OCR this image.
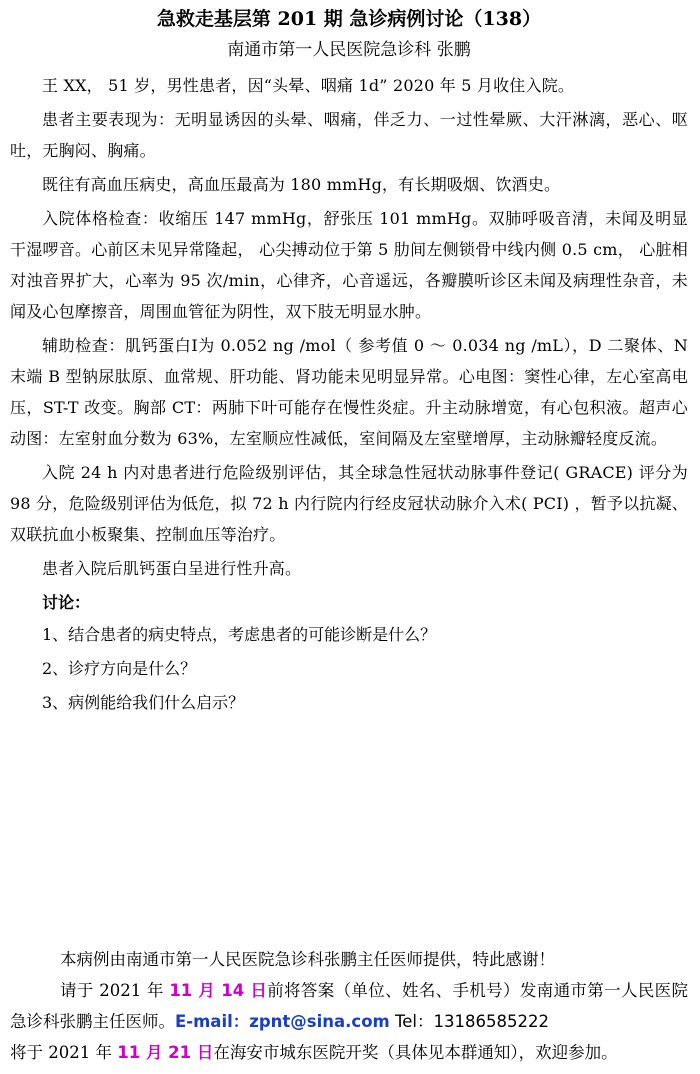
急救走基层第 201 期 急诊病例讨论（138）
南通市第一人民医院急诊科 张鹏

王 XX， 51 岁，男性患者，因“头晕、咽痛 1d” 2020 年 5 月收住入院。

患者主要表现为：无明显诱因的头晕、咽痛，伴乏力、一过性晕厥、大汗淋漓，恶心、呕吐，无胸闷、胸痛。

既往有高血压病史，高血压最高为 180 mmHg，有长期吸烟、饮酒史。

入院体格检查：收缩压 147 mmHg，舒张压 101 mmHg。双肺呼吸音清，未闻及明显干湿啰音。心前区未见异常隆起， 心尖搏动位于第 5 肋间左侧锁骨中线内侧 0.5 cm， 心脏相对浊音界扩大，心率为 95 次/min，心律齐，心音遥远，各瓣膜听诊区未闻及病理性杂音，未闻及心包摩擦音，周围血管征为阴性，双下肢无明显水肿。

辅助检查：肌钙蛋白Ⅰ为 0.052 ng /mol（ 参考值 0 ～ 0.034 ng /mL），D 二聚体、N 末端 B 型钠尿肽原、血常规、肝功能、肾功能未见明显异常。心电图：窦性心律，左心室高电压，ST-T 改变。胸部 CT：两肺下叶可能存在慢性炎症。升主动脉增宽，有心包积液。超声心动图：左室射血分数为 63%，左室顺应性减低，室间隔及左室壁增厚，主动脉瓣轻度反流。

入院 24 h 内对患者进行危险级别评估，其全球急性冠状动脉事件登记( GRACE) 评分为 98 分，危险级别评估为低危，拟 72 h 内行院内行经皮冠状动脉介入术( PCI) ，暂予以抗凝、双联抗血小板聚集、控制血压等治疗。

患者入院后肌钙蛋白呈进行性升高。

讨论：

1、结合患者的病史特点，考虑患者的可能诊断是什么？

2、诊疗方向是什么？

3、病例能给我们什么启示？

本病例由南通市第一人民医院急诊科张鹏主任医师提供，特此感谢！

请于 2021 年 11 月 14 日前将答案（单位、姓名、手机号）发南通市第一人民医院急诊科张鹏主任医师。E-mail：zpnt@sina.com Tel：13186585222

将于 2021 年 11 月 21 日在海安市城东医院开奖（具体见本群通知），欢迎参加。
